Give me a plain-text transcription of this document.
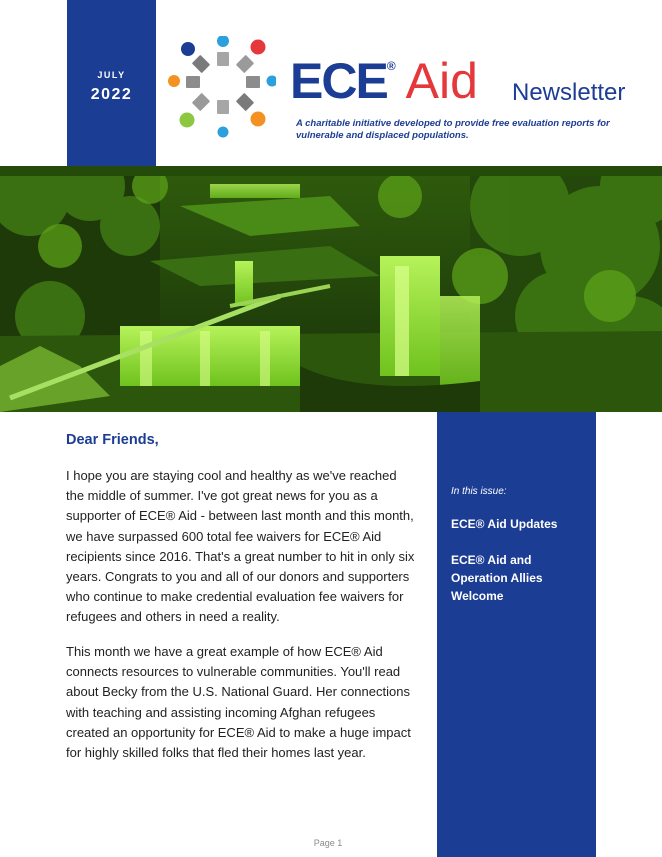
JULY
2022	ECE® Aid Newsletter
A charitable initiative developed to provide free evaluation reports for vulnerable and displaced populations.
Dear Friends,
I hope you are staying cool and healthy as we've reached the middle of summer. I've got great news for you as a supporter of ECE® Aid - between last month and this month, we have surpassed 600 total fee waivers for ECE® Aid recipients since 2016. That's a great number to hit in only six years. Congrats to you and all of our donors and supporters who continue to make credential evaluation fee waivers for refugees and others in need a reality.
This month we have a great example of how ECE® Aid connects resources to vulnerable communities. You'll read about Becky from the U.S. National Guard. Her connections with teaching and assisting incoming Afghan refugees created an opportunity for ECE® Aid to make a huge impact for highly skilled folks that fled their homes last year.
In this issue:
ECE® Aid Updates
ECE® Aid and Operation Allies Welcome
Page 1
